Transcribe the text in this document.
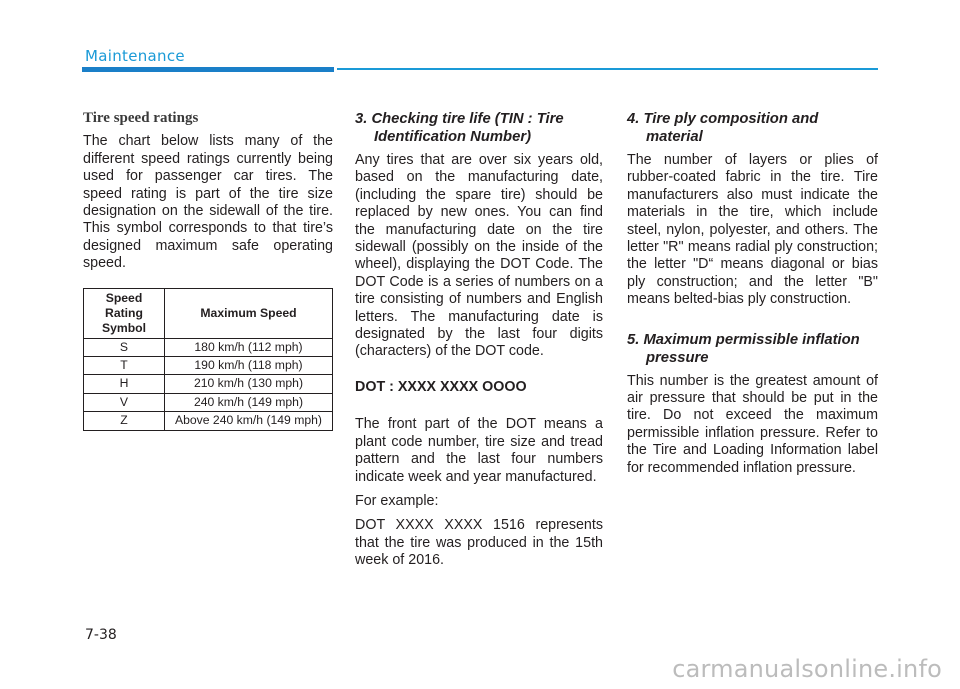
Maintenance
Tire speed ratings

The chart below lists many of the different speed ratings currently being used for passenger car tires. The speed rating is part of the tire size designation on the sidewall of the tire. This symbol corresponds to that tire’s designed maximum safe operating speed.

Speed Rating Symbol	Maximum Speed
S	180 km/h (112 mph)
T	190 km/h (118 mph)
H	210 km/h (130 mph)
V	240 km/h (149 mph)
Z	Above 240 km/h (149 mph)
3. Checking tire life (TIN : Tire Identification Number)

Any tires that are over six years old, based on the manufacturing date, (including the spare tire) should be replaced by new ones. You can find the manufacturing date on the tire sidewall (possibly on the inside of the wheel), displaying the DOT Code. The DOT Code is a series of numbers on a tire consisting of numbers and English letters. The manufacturing date is designated by the last four digits (characters) of the DOT code.

DOT : XXXX XXXX OOOO

The front part of the DOT means a plant code number, tire size and tread pattern and the last four numbers indicate week and year manufactured.

For example:

DOT XXXX XXXX 1516 represents that the tire was produced in the 15th week of 2016.

4. Tire ply composition and material

The number of layers or plies of rubber-coated fabric in the tire. Tire manufacturers also must indicate the materials in the tire, which include steel, nylon, polyester, and others. The letter "R" means radial ply construction; the letter "D“ means diagonal or bias ply construction; and the letter "B" means belted-bias ply construction.

5. Maximum permissible inflation pressure

This number is the greatest amount of air pressure that should be put in the tire. Do not exceed the maximum permissible inflation pressure. Refer to the Tire and Loading Information label for recommended inflation pressure.

7-38
carmanualsonline.info
